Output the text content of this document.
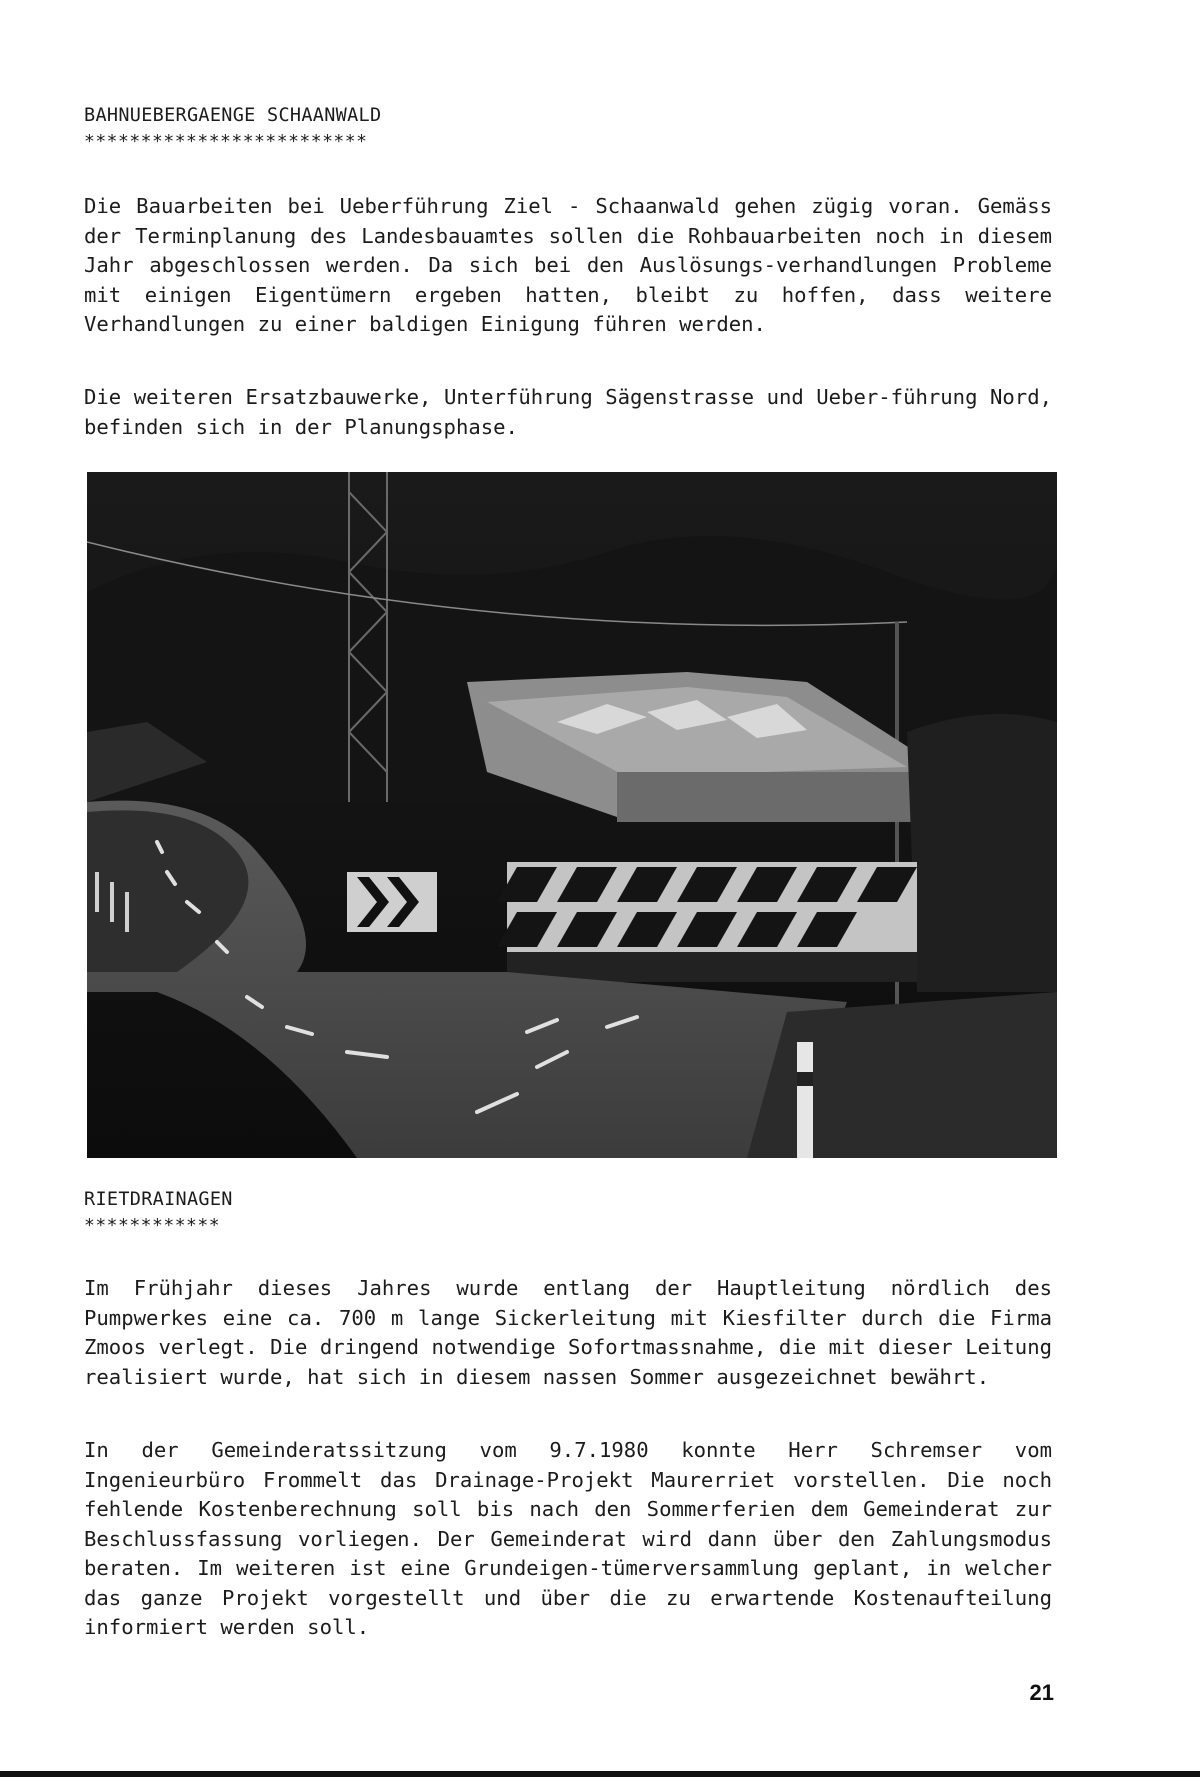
BAHNUEBERGAENGE SCHAANWALD
*************************

Die Bauarbeiten bei Ueberführung Ziel - Schaanwald gehen zügig voran. Gemäss der Terminplanung des Landesbauamtes sollen die Rohbauarbeiten noch in diesem Jahr abgeschlossen werden. Da sich bei den Auslösungs-verhandlungen Probleme mit einigen Eigentümern ergeben hatten, bleibt zu hoffen, dass weitere Verhandlungen zu einer baldigen Einigung führen werden.

Die weiteren Ersatzbauwerke, Unterführung Sägenstrasse und Ueber-führung Nord, befinden sich in der Planungsphase.

RIETDRAINAGEN
************

Im Frühjahr dieses Jahres wurde entlang der Hauptleitung nördlich des Pumpwerkes eine ca. 700 m lange Sickerleitung mit Kiesfilter durch die Firma Zmoos verlegt. Die dringend notwendige Sofortmassnahme, die mit dieser Leitung realisiert wurde, hat sich in diesem nassen Sommer ausgezeichnet bewährt.

In der Gemeinderatssitzung vom 9.7.1980 konnte Herr Schremser vom Ingenieurbüro Frommelt das Drainage-Projekt Maurerriet vorstellen. Die noch fehlende Kostenberechnung soll bis nach den Sommerferien dem Gemeinderat zur Beschlussfassung vorliegen. Der Gemeinderat wird dann über den Zahlungsmodus beraten. Im weiteren ist eine Grundeigen-tümerversammlung geplant, in welcher das ganze Projekt vorgestellt und über die zu erwartende Kostenaufteilung informiert werden soll.

21
